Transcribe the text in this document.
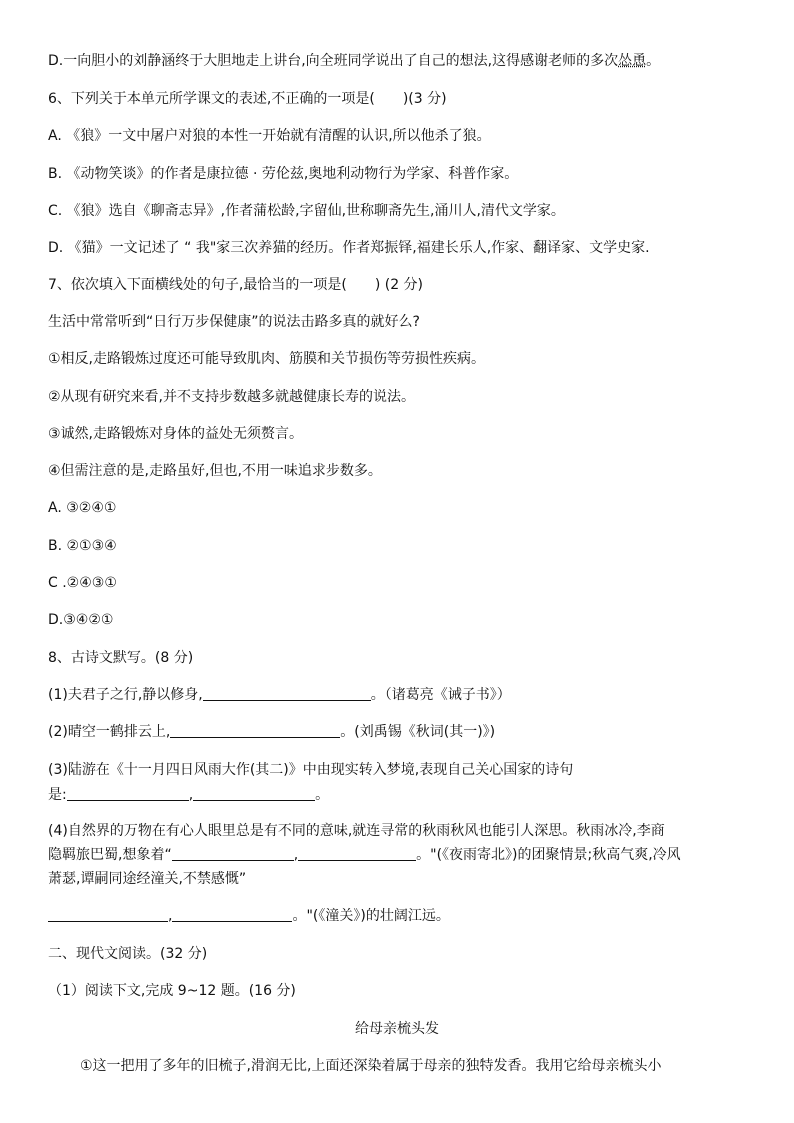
D.一向胆小的刘静涵终于大胆地走上讲台,向全班同学说出了自己的想法,这得感谢老师的多次怂恿。
6、下列关于本单元所学课文的表述,不正确的一项是(　　)(3 分)
A. 《狼》一文中屠户对狼的本性一开始就有清醒的认识,所以他杀了狼。
B. 《动物笑谈》的作者是康拉德 · 劳伦兹,奥地利动物行为学家、科普作家。
C. 《狼》选自《聊斋志异》,作者蒲松龄,字留仙,世称聊斋先生,涌川人,清代文学家。
D. 《猫》一文记述了 “ 我"家三次养猫的经历。作者郑振铎,福建长乐人,作家、翻译家、文学史家.
7、依次填入下面横线处的句子,最恰当的一项是(　　) (2 分)
生活中常常听到“日行万步保健康”的说法击路多真的就好么?
①相反,走路锻炼过度还可能导致肌肉、筋膜和关节损伤等劳损性疾病。
②从现有研究来看,并不支持步数越多就越健康长寿的说法。
③诚然,走路锻炼对身体的益处无须赘言。
④但需注意的是,走路虽好,但也,不用一味追求步数多。
A. ③②④①
B. ②①③④
C .②④③①
D.③④②①
8、古诗文默写。(8 分)
(1)夫君子之行,静以修身,	。（诸葛亮《诫子书》）
(2)晴空一鹤排云上,	。(刘禹锡《秋词(其一)》)
(3)陆游在《十一月四日风雨大作(其二)》中由现实转入梦境,表现自己关心国家的诗句
是:	,	。
(4)自然界的万物在有心人眼里总是有不同的意味,就连寻常的秋雨秋风也能引人深思。秋雨冰冷,李商
隐羁旅巴蜀,想象着“	,	。"(《夜雨寄北》)的团聚情景;秋高气爽,冷风
萧瑟,谭嗣同途经潼关,不禁感慨”
,	。"(《潼关》)的壮阔江远。
二、现代文阅读。(32 分)
（1）阅读下文,完成 9~12 题。(16 分)
给母亲梳头发
①这一把用了多年的旧梳子,滑润无比,上面还深染着属于母亲的独特发香。我用它给母亲梳头小
